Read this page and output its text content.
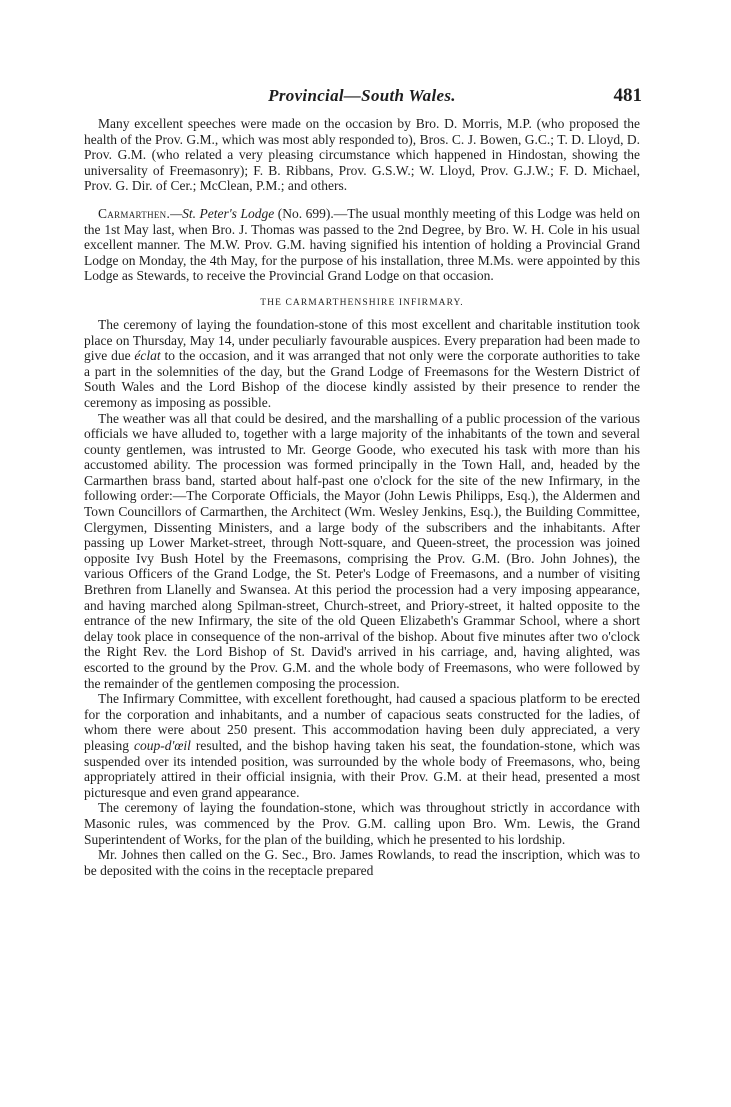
Provincial—South Wales.	481

Many excellent speeches were made on the occasion by Bro. D. Morris, M.P. (who proposed the health of the Prov. G.M., which was most ably responded to), Bros. C. J. Bowen, G.C.; T. D. Lloyd, D. Prov. G.M. (who related a very pleasing circumstance which happened in Hindostan, showing the universality of Freemasonry); F. B. Ribbans, Prov. G.S.W.; W. Lloyd, Prov. G.J.W.; F. D. Michael, Prov. G. Dir. of Cer.; McClean, P.M.; and others.

Carmarthen.—St. Peter's Lodge (No. 699).—The usual monthly meeting of this Lodge was held on the 1st May last, when Bro. J. Thomas was passed to the 2nd Degree, by Bro. W. H. Cole in his usual excellent manner. The M.W. Prov. G.M. having signified his intention of holding a Provincial Grand Lodge on Monday, the 4th May, for the purpose of his installation, three M.Ms. were appointed by this Lodge as Stewards, to receive the Provincial Grand Lodge on that occasion.

THE CARMARTHENSHIRE INFIRMARY.

The ceremony of laying the foundation-stone of this most excellent and charitable institution took place on Thursday, May 14, under peculiarly favourable auspices. Every preparation had been made to give due éclat to the occasion, and it was arranged that not only were the corporate authorities to take a part in the solemnities of the day, but the Grand Lodge of Freemasons for the Western District of South Wales and the Lord Bishop of the diocese kindly assisted by their presence to render the ceremony as imposing as possible.

The weather was all that could be desired, and the marshalling of a public procession of the various officials we have alluded to, together with a large majority of the inhabitants of the town and several county gentlemen, was intrusted to Mr. George Goode, who executed his task with more than his accustomed ability. The procession was formed principally in the Town Hall, and, headed by the Carmarthen brass band, started about half-past one o'clock for the site of the new Infirmary, in the following order:—The Corporate Officials, the Mayor (John Lewis Philipps, Esq.), the Aldermen and Town Councillors of Carmarthen, the Architect (Wm. Wesley Jenkins, Esq.), the Building Committee, Clergymen, Dissenting Ministers, and a large body of the subscribers and the inhabitants. After passing up Lower Market-street, through Nott-square, and Queen-street, the procession was joined opposite Ivy Bush Hotel by the Freemasons, comprising the Prov. G.M. (Bro. John Johnes), the various Officers of the Grand Lodge, the St. Peter's Lodge of Freemasons, and a number of visiting Brethren from Llanelly and Swansea. At this period the procession had a very imposing appearance, and having marched along Spilman-street, Church-street, and Priory-street, it halted opposite to the entrance of the new Infirmary, the site of the old Queen Elizabeth's Grammar School, where a short delay took place in consequence of the non-arrival of the bishop. About five minutes after two o'clock the Right Rev. the Lord Bishop of St. David's arrived in his carriage, and, having alighted, was escorted to the ground by the Prov. G.M. and the whole body of Freemasons, who were followed by the remainder of the gentlemen composing the procession.

The Infirmary Committee, with excellent forethought, had caused a spacious platform to be erected for the corporation and inhabitants, and a number of capacious seats constructed for the ladies, of whom there were about 250 present. This accommodation having been duly appreciated, a very pleasing coup-d'œil resulted, and the bishop having taken his seat, the foundation-stone, which was suspended over its intended position, was surrounded by the whole body of Freemasons, who, being appropriately attired in their official insignia, with their Prov. G.M. at their head, presented a most picturesque and even grand appearance.

The ceremony of laying the foundation-stone, which was throughout strictly in accordance with Masonic rules, was commenced by the Prov. G.M. calling upon Bro. Wm. Lewis, the Grand Superintendent of Works, for the plan of the building, which he presented to his lordship.

Mr. Johnes then called on the G. Sec., Bro. James Rowlands, to read the inscription, which was to be deposited with the coins in the receptacle prepared
